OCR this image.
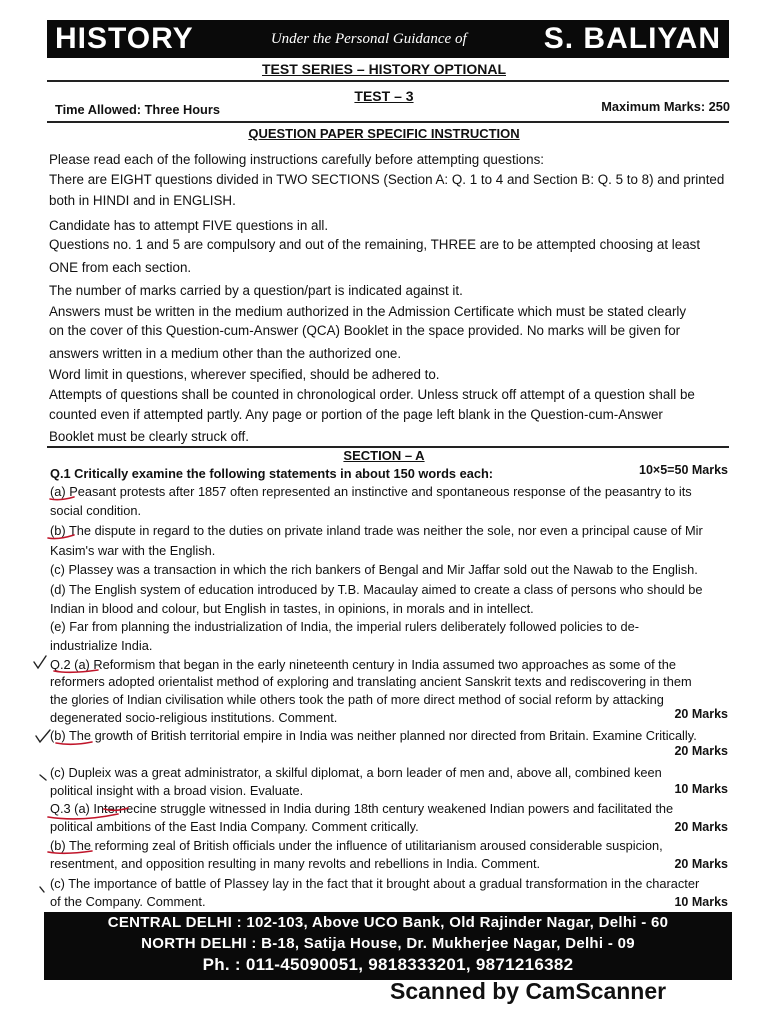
HISTORY	Under the Personal Guidance of	S. BALIYAN
TEST SERIES – HISTORY OPTIONAL
TEST – 3
Time Allowed: Three Hours	Maximum Marks: 250
QUESTION PAPER SPECIFIC INSTRUCTION
Please read each of the following instructions carefully before attempting questions:
There are EIGHT questions divided in TWO SECTIONS (Section A: Q. 1 to 4 and Section B: Q. 5 to 8) and printed
both in HINDI and in ENGLISH.
Candidate has to attempt FIVE questions in all.
Questions no. 1 and 5 are compulsory and out of the remaining, THREE are to be attempted choosing at least
ONE from each section.
The number of marks carried by a question/part is indicated against it.
Answers must be written in the medium authorized in the Admission Certificate which must be stated clearly
on the cover of this Question-cum-Answer (QCA) Booklet in the space provided. No marks will be given for
answers written in a medium other than the authorized one.
Word limit in questions, wherever specified, should be adhered to.
Attempts of questions shall be counted in chronological order. Unless struck off attempt of a question shall be
counted even if attempted partly. Any page or portion of the page left blank in the Question-cum-Answer
Booklet must be clearly struck off.
SECTION – A
Q.1 Critically examine the following statements in about 150 words each:	10×5=50 Marks
(a) Peasant protests after 1857 often represented an instinctive and spontaneous response of the peasantry to its
social condition.
(b) The dispute in regard to the duties on private inland trade was neither the sole, nor even a principal cause of Mir
Kasim's war with the English.
(c) Plassey was a transaction in which the rich bankers of Bengal and Mir Jaffar sold out the Nawab to the English.
(d) The English system of education introduced by T.B. Macaulay aimed to create a class of persons who should be
Indian in blood and colour, but English in tastes, in opinions, in morals and in intellect.
(e) Far from planning the industrialization of India, the imperial rulers deliberately followed policies to de-
industrialize India.
Q.2 (a) Reformism that began in the early nineteenth century in India assumed two approaches as some of the
reformers adopted orientalist method of exploring and translating ancient Sanskrit texts and rediscovering in them
the glories of Indian civilisation while others took the path of more direct method of social reform by attacking
degenerated socio-religious institutions. Comment.	20 Marks
(b) The growth of British territorial empire in India was neither planned nor directed from Britain. Examine Critically.
20 Marks
(c) Dupleix was a great administrator, a skilful diplomat, a born leader of men and, above all, combined keen
political insight with a broad vision. Evaluate.	10 Marks
Q.3 (a) Internecine struggle witnessed in India during 18th century weakened Indian powers and facilitated the
political ambitions of the East India Company. Comment critically.	20 Marks
(b) The reforming zeal of British officials under the influence of utilitarianism aroused considerable suspicion,
resentment, and opposition resulting in many revolts and rebellions in India. Comment.	20 Marks
(c) The importance of battle of Plassey lay in the fact that it brought about a gradual transformation in the character
of the Company. Comment.	10 Marks
CENTRAL DELHI : 102-103, Above UCO Bank, Old Rajinder Nagar, Delhi - 60
NORTH DELHI : B-18, Satija House, Dr. Mukherjee Nagar, Delhi - 09
Ph. : 011-45090051, 9818333201, 9871216382
Scanned by CamScanner
